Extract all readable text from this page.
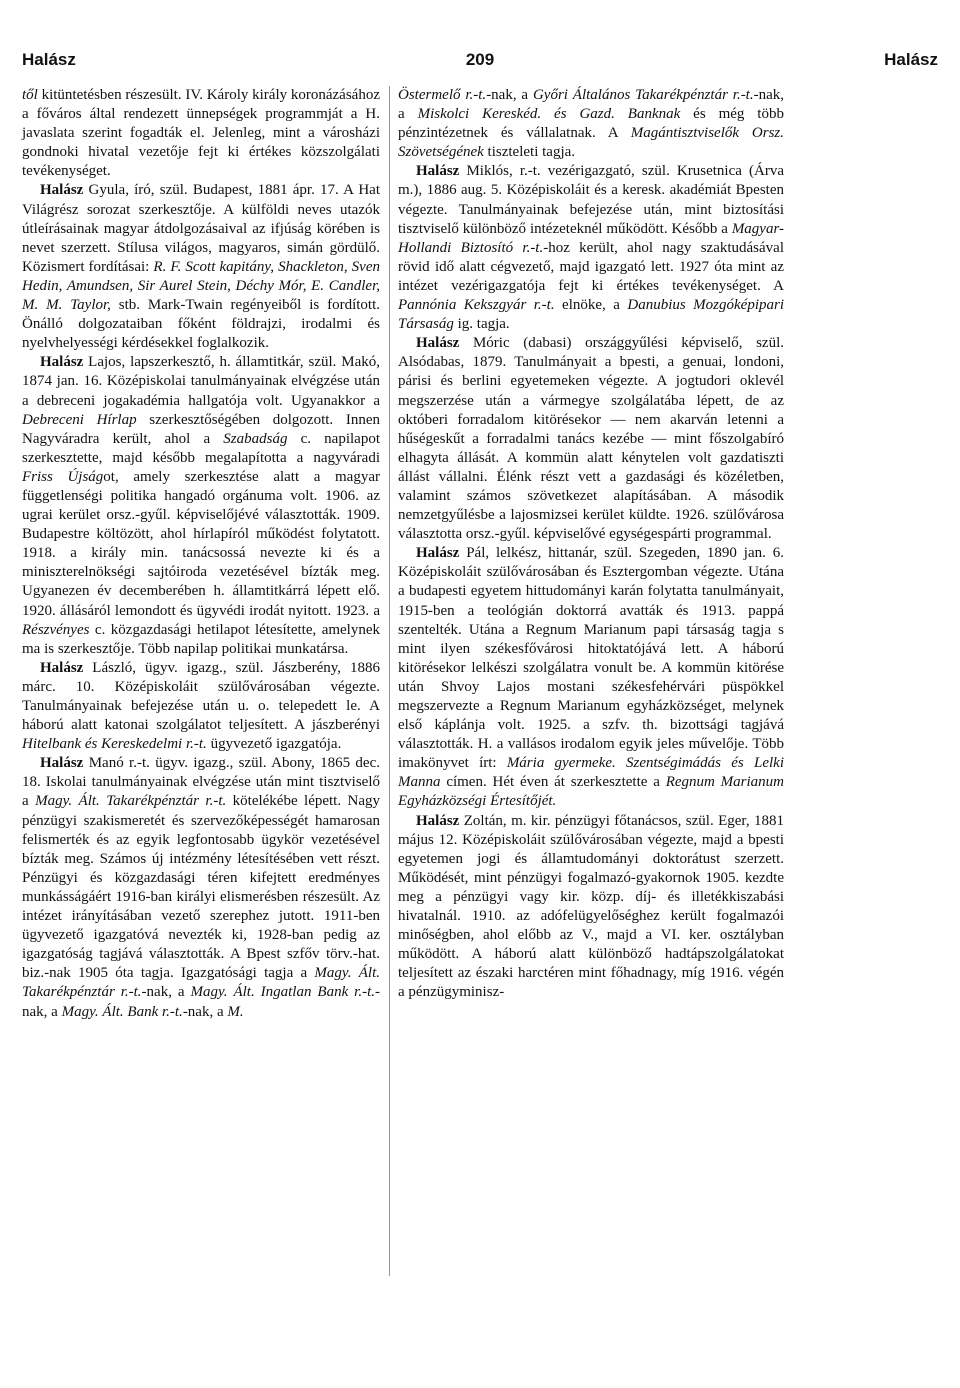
Halász	209	Halász

től kitüntetésben részesült. IV. Károly király koronázásához a főváros által rendezett ünnepségek programmját a H. javaslata szerint fogadták el. Jelenleg, mint a városházi gondnoki hivatal vezetője fejt ki értékes közszolgálati tevékenységet.

Halász Gyula, író, szül. Budapest, 1881 ápr. 17. A Hat Világrész sorozat szerkesztője. A külföldi neves utazók útleírásainak magyar átdolgozásaival az ifjúság körében is nevet szerzett. Stílusa világos, magyaros, simán gördülő. Közismert fordításai: R. F. Scott kapitány, Shackleton, Sven Hedin, Amundsen, Sir Aurel Stein, Déchy Mór, E. Candler, M. M. Taylor, stb. Mark-Twain regényeiből is fordított. Önálló dolgozataiban főként földrajzi, irodalmi és nyelvhelyességi kérdésekkel foglalkozik.

Halász Lajos, lapszerkesztő, h. államtitkár, szül. Makó, 1874 jan. 16. Középiskolai tanulmányainak elvégzése után a debreceni jogakadémia hallgatója volt. Ugyanakkor a Debreceni Hírlap szerkesztőségében dolgozott. Innen Nagyváradra került, ahol a Szabadság c. napilapot szerkesztette, majd később megalapította a nagyváradi Friss Újságot, amely szerkesztése alatt a magyar függetlenségi politika hangadó orgánuma volt. 1906. az ugrai kerület orsz.-gyűl. képviselőjévé választották. 1909. Budapestre költözött, ahol hírlapíról működést folytatott. 1918. a király min. tanácsossá nevezte ki és a miniszterelnökségi sajtóiroda vezetésével bízták meg. Ugyanezen év decemberében h. államtitkárrá lépett elő. 1920. állásáról lemondott és ügyvédi irodát nyitott. 1923. a Részvényes c. közgazdasági hetilapot létesítette, amelynek ma is szerkesztője. Több napilap politikai munkatársa.

Halász László, ügyv. igazg., szül. Jászberény, 1886 márc. 10. Középiskoláit szülővárosában végezte. Tanulmányainak befejezése után u. o. telepedett le. A háború alatt katonai szolgálatot teljesített. A jászberényi Hitelbank és Kereskedelmi r.-t. ügyvezető igazgatója.

Halász Manó r.-t. ügyv. igazg., szül. Abony, 1865 dec. 18. Iskolai tanulmányainak elvégzése után mint tisztviselő a Magy. Ált. Takarékpénztár r.-t. kötelékébe lépett. Nagy pénzügyi szakismeretét és szervezőképességét hamarosan felismerték és az egyik legfontosabb ügykör vezetésével bízták meg. Számos új intézmény létesítésében vett részt. Pénzügyi és közgazdasági téren kifejtett eredményes munkásságáért 1916-ban királyi elismerésben részesült. Az intézet irányításában vezető szerephez jutott. 1911-ben ügyvezető igazgatóvá nevezték ki, 1928-ban pedig az igazgatóság tagjává választották. A Bpest szfőv törv.-hat. biz.-nak 1905 óta tagja. Igazgatósági tagja a Magy. Ált. Takarékpénztár r.-t.-nak, a Magy. Ált. Ingatlan Bank r.-t.-nak, a Magy. Ált. Bank r.-t.-nak, a M.

Östermelő r.-t.-nak, a Győri Általános Takarékpénztár r.-t.-nak, a Miskolci Kereskéd. és Gazd. Banknak és még több pénzintézetnek és vállalatnak. A Magántisztviselők Orsz. Szövetségének tiszteleti tagja.

Halász Miklós, r.-t. vezérigazgató, szül. Krusetnica (Árva m.), 1886 aug. 5. Középiskoláit és a keresk. akadémiát Bpesten végezte. Tanulmányainak befejezése után, mint biztosítási tisztviselő különböző intézeteknél működött. Később a Magyar-Hollandi Biztosító r.-t.-hoz került, ahol nagy szaktudásával rövid idő alatt cégvezető, majd igazgató lett. 1927 óta mint az intézet vezérigazgatója fejt ki értékes tevékenységet. A Pannónia Kekszgyár r.-t. elnöke, a Danubius Mozgóképipari Társaság ig. tagja.

Halász Móric (dabasi) országgyűlési képviselő, szül. Alsódabas, 1879. Tanulmányait a bpesti, a genuai, londoni, párisi és berlini egyetemeken végezte. A jogtudori oklevél megszerzése után a vármegye szolgálatába lépett, de az októberi forradalom kitörésekor — nem akarván letenni a hűségeskűt a forradalmi tanács kezébe — mint főszolgabíró elhagyta állását. A kommün alatt kénytelen volt gazdatiszti állást vállalni. Élénk részt vett a gazdasági és közéletben, valamint számos szövetkezet alapításában. A második nemzetgyűlésbe a lajosmizsei kerület küldte. 1926. szülővárosa választotta orsz.-gyűl. képviselővé egységespárti programmal.

Halász Pál, lelkész, hittanár, szül. Szegeden, 1890 jan. 6. Középiskoláit szülővárosában és Esztergomban végezte. Utána a budapesti egyetem hittudományi karán folytatta tanulmányait, 1915-ben a teológián doktorrá avatták és 1913. pappá szentelték. Utána a Regnum Marianum papi társaság tagja s mint ilyen székesfővárosi hitoktatójává lett. A háború kitörésekor lelkészi szolgálatra vonult be. A kommün kitörése után Shvoy Lajos mostani székesfehérvári püspökkel megszervezte a Regnum Marianum egyházközséget, melynek első káplánja volt. 1925. a szfv. th. bizottsági tagjává választották. H. a vallásos irodalom egyik jeles művelője. Több imakönyvet írt: Mária gyermeke. Szentségimádás és Lelki Manna címen. Hét éven át szerkesztette a Regnum Marianum Egyházközségi Értesítőjét.

Halász Zoltán, m. kir. pénzügyi főtanácsos, szül. Eger, 1881 május 12. Középiskoláit szülővárosában végezte, majd a bpesti egyetemen jogi és államtudományi doktorátust szerzett. Működését, mint pénzügyi fogalmazó-gyakornok 1905. kezdte meg a pénzügyi vagy kir. közp. díj- és illetékkiszabási hivatalnál. 1910. az adófelügyelőséghez került fogalmazói minőségben, ahol előbb az V., majd a VI. ker. osztályban működött. A háború alatt különböző hadtápszolgálatokat teljesített az északi harctéren mint főhadnagy, míg 1916. végén a pénzügyminisz-
